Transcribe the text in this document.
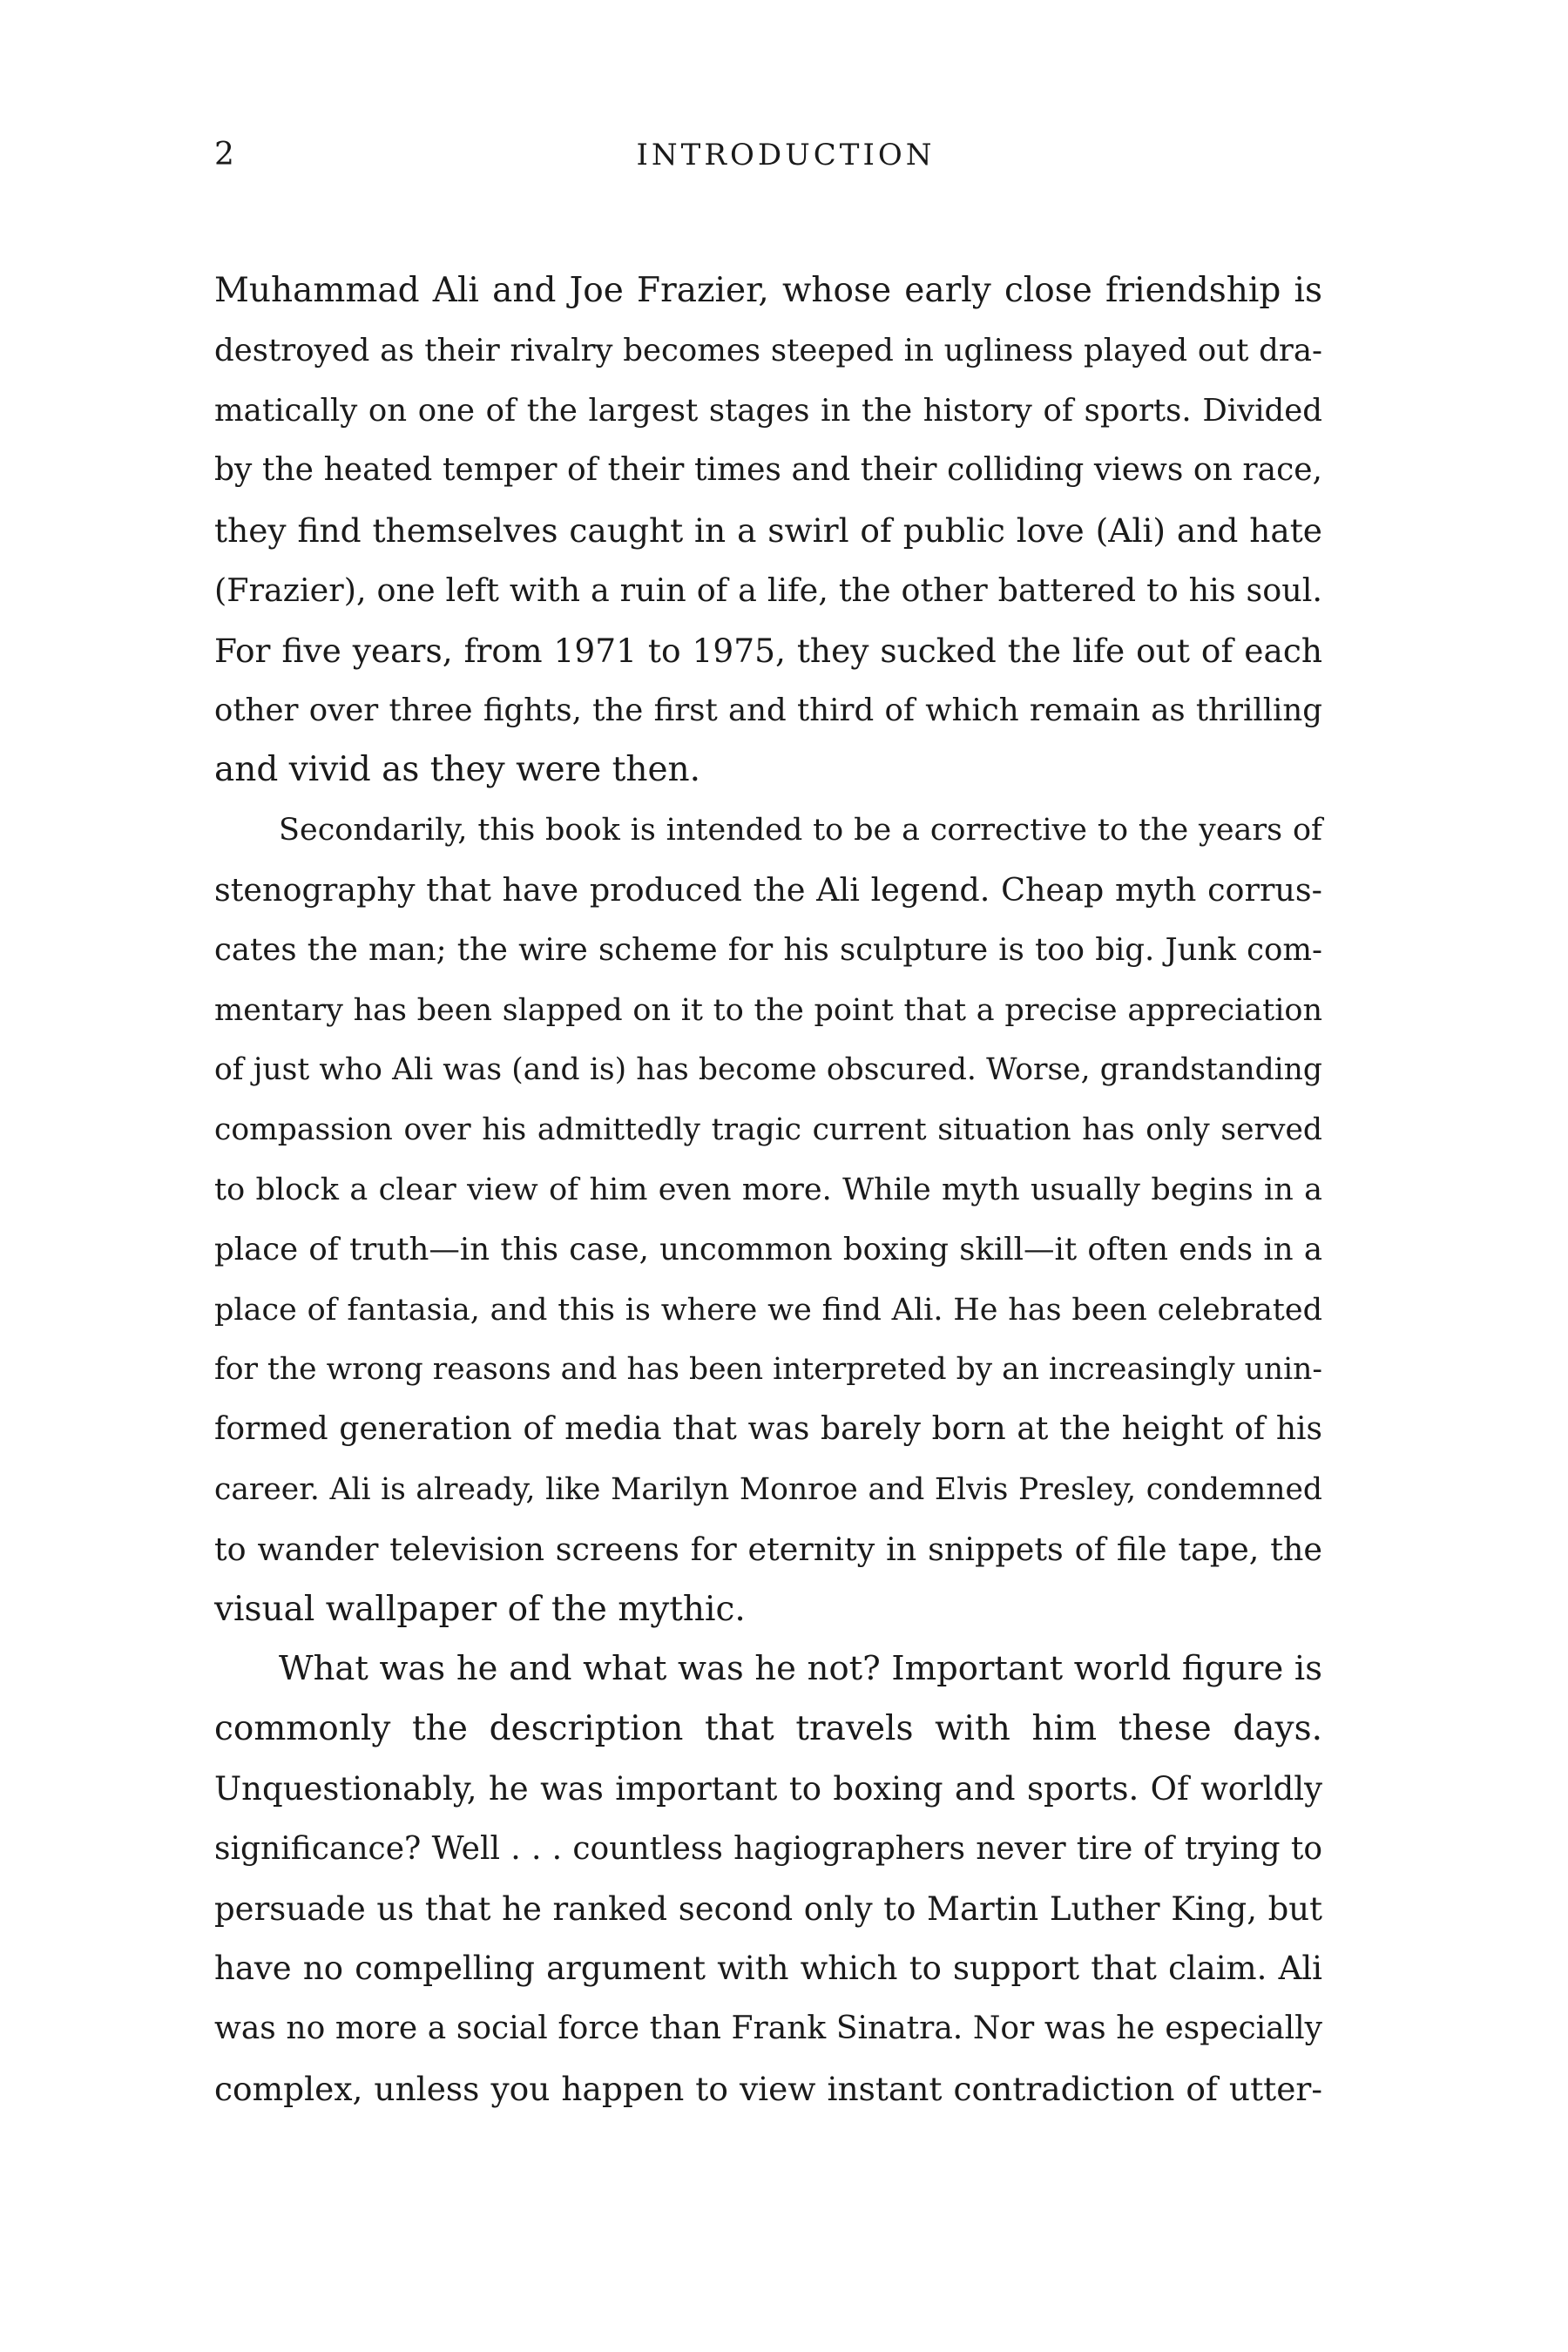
2	INTRODUCTION

Muhammad Ali and Joe Frazier, whose early close friendship is
destroyed as their rivalry becomes steeped in ugliness played out dra-
matically on one of the largest stages in the history of sports. Divided
by the heated temper of their times and their colliding views on race,
they find themselves caught in a swirl of public love (Ali) and hate
(Frazier), one left with a ruin of a life, the other battered to his soul.
For five years, from 1971 to 1975, they sucked the life out of each
other over three fights, the first and third of which remain as thrilling
and vivid as they were then.

Secondarily, this book is intended to be a corrective to the years of
stenography that have produced the Ali legend. Cheap myth corrus-
cates the man; the wire scheme for his sculpture is too big. Junk com-
mentary has been slapped on it to the point that a precise appreciation
of just who Ali was (and is) has become obscured. Worse, grandstanding
compassion over his admittedly tragic current situation has only served
to block a clear view of him even more. While myth usually begins in a
place of truth—in this case, uncommon boxing skill—it often ends in a
place of fantasia, and this is where we find Ali. He has been celebrated
for the wrong reasons and has been interpreted by an increasingly unin-
formed generation of media that was barely born at the height of his
career. Ali is already, like Marilyn Monroe and Elvis Presley, condemned
to wander television screens for eternity in snippets of file tape, the
visual wallpaper of the mythic.

What was he and what was he not? Important world figure is
commonly the description that travels with him these days.
Unquestionably, he was important to boxing and sports. Of worldly
significance? Well . . . countless hagiographers never tire of trying to
persuade us that he ranked second only to Martin Luther King, but
have no compelling argument with which to support that claim. Ali
was no more a social force than Frank Sinatra. Nor was he especially
complex, unless you happen to view instant contradiction of utter-
